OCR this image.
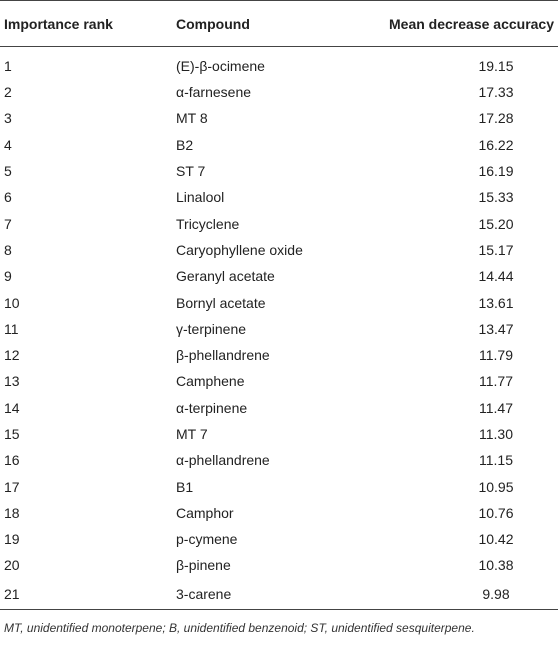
Importance rank	Compound	Mean decrease accuracy
1	(E)-β-ocimene	19.15
2	α-farnesene	17.33
3	MT 8	17.28
4	B2	16.22
5	ST 7	16.19
6	Linalool	15.33
7	Tricyclene	15.20
8	Caryophyllene oxide	15.17
9	Geranyl acetate	14.44
10	Bornyl acetate	13.61
11	γ-terpinene	13.47
12	β-phellandrene	11.79
13	Camphene	11.77
14	α-terpinene	11.47
15	MT 7	11.30
16	α-phellandrene	11.15
17	B1	10.95
18	Camphor	10.76
19	p-cymene	10.42
20	β-pinene	10.38
21	3-carene	9.98
MT, unidentified monoterpene; B, unidentified benzenoid; ST, unidentified sesquiterpene.
